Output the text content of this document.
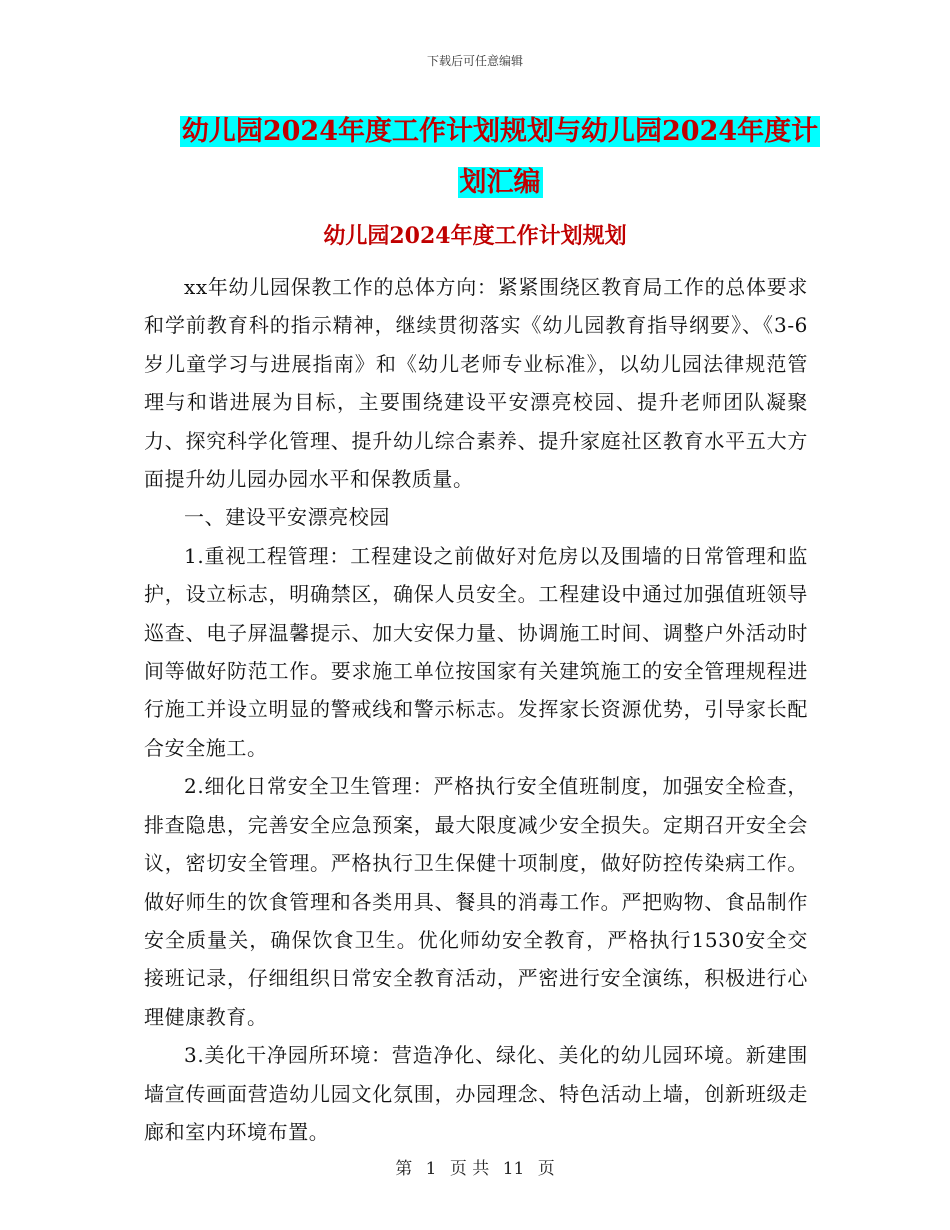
下载后可任意编辑
幼儿园2024年度工作计划规划与幼儿园2024年度计
划汇编
幼儿园2024年度工作计划规划

xx年幼儿园保教工作的总体方向：紧紧围绕区教育局工作的总体要求和学前教育科的指示精神，继续贯彻落实《幼儿园教育指导纲要》、《3-6岁儿童学习与进展指南》和《幼儿老师专业标准》，以幼儿园法律规范管理与和谐进展为目标，主要围绕建设平安漂亮校园、提升老师团队凝聚力、探究科学化管理、提升幼儿综合素养、提升家庭社区教育水平五大方面提升幼儿园办园水平和保教质量。

一、建设平安漂亮校园

1.重视工程管理：工程建设之前做好对危房以及围墙的日常管理和监护，设立标志，明确禁区，确保人员安全。工程建设中通过加强值班领导巡查、电子屏温馨提示、加大安保力量、协调施工时间、调整户外活动时间等做好防范工作。要求施工单位按国家有关建筑施工的安全管理规程进行施工并设立明显的警戒线和警示标志。发挥家长资源优势，引导家长配合安全施工。

2.细化日常安全卫生管理：严格执行安全值班制度，加强安全检查，排查隐患，完善安全应急预案，最大限度减少安全损失。定期召开安全会议，密切安全管理。严格执行卫生保健十项制度，做好防控传染病工作。做好师生的饮食管理和各类用具、餐具的消毒工作。严把购物、食品制作安全质量关，确保饮食卫生。优化师幼安全教育，严格执行1530安全交接班记录，仔细组织日常安全教育活动，严密进行安全演练，积极进行心理健康教育。

3.美化干净园所环境：营造净化、绿化、美化的幼儿园环境。新建围墙宣传画面营造幼儿园文化氛围，办园理念、特色活动上墙，创新班级走廊和室内环境布置。

第 1 页 共 11 页
